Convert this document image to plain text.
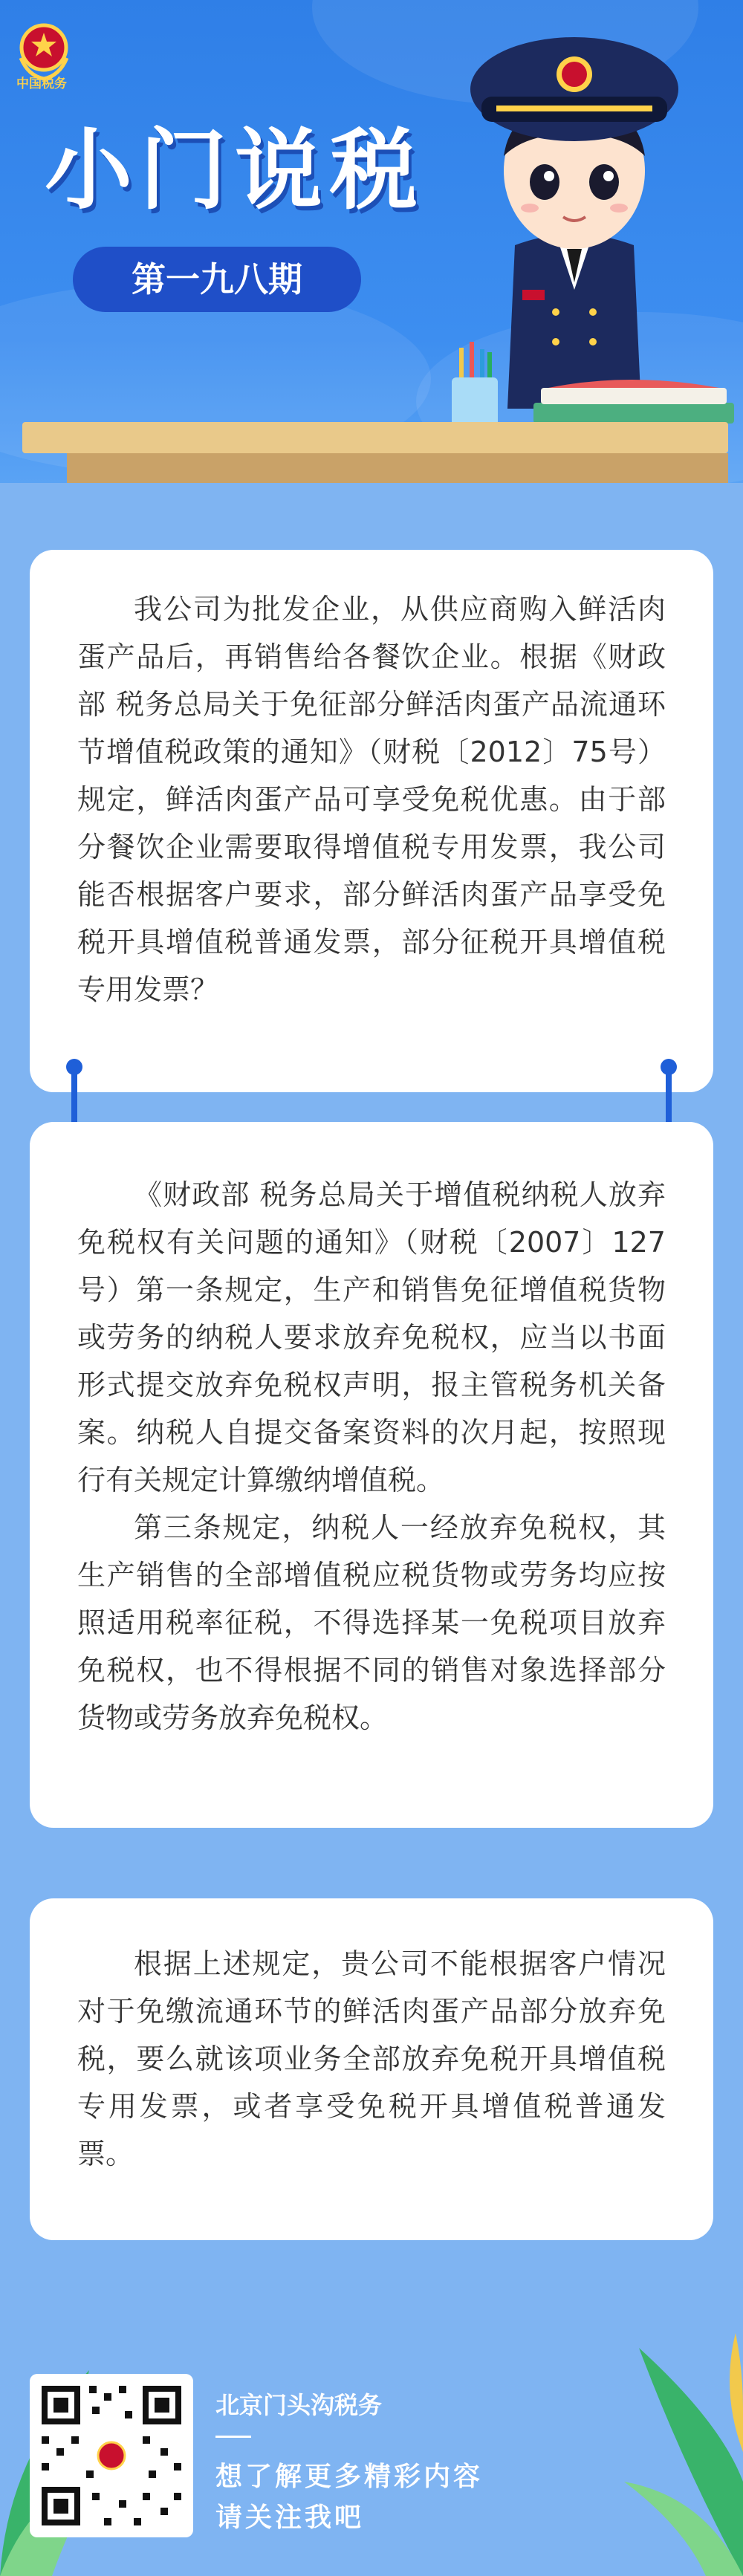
中国税务
小门说税
第一九八期

我公司为批发企业，从供应商购入鲜活肉蛋产品后，再销售给各餐饮企业。根据《财政部 税务总局关于免征部分鲜活肉蛋产品流通环节增值税政策的通知》（财税〔2012〕75号）规定，鲜活肉蛋产品可享受免税优惠。由于部分餐饮企业需要取得增值税专用发票，我公司能否根据客户要求，部分鲜活肉蛋产品享受免税开具增值税普通发票，部分征税开具增值税专用发票？

《财政部 税务总局关于增值税纳税人放弃免税权有关问题的通知》（财税〔2007〕127号）第一条规定，生产和销售免征增值税货物或劳务的纳税人要求放弃免税权，应当以书面形式提交放弃免税权声明，报主管税务机关备案。纳税人自提交备案资料的次月起，按照现行有关规定计算缴纳增值税。

第三条规定，纳税人一经放弃免税权，其生产销售的全部增值税应税货物或劳务均应按照适用税率征税，不得选择某一免税项目放弃免税权，也不得根据不同的销售对象选择部分货物或劳务放弃免税权。

根据上述规定，贵公司不能根据客户情况对于免缴流通环节的鲜活肉蛋产品部分放弃免税，要么就该项业务全部放弃免税开具增值税专用发票，或者享受免税开具增值税普通发票。

北京门头沟税务
想了解更多精彩内容
请关注我吧
